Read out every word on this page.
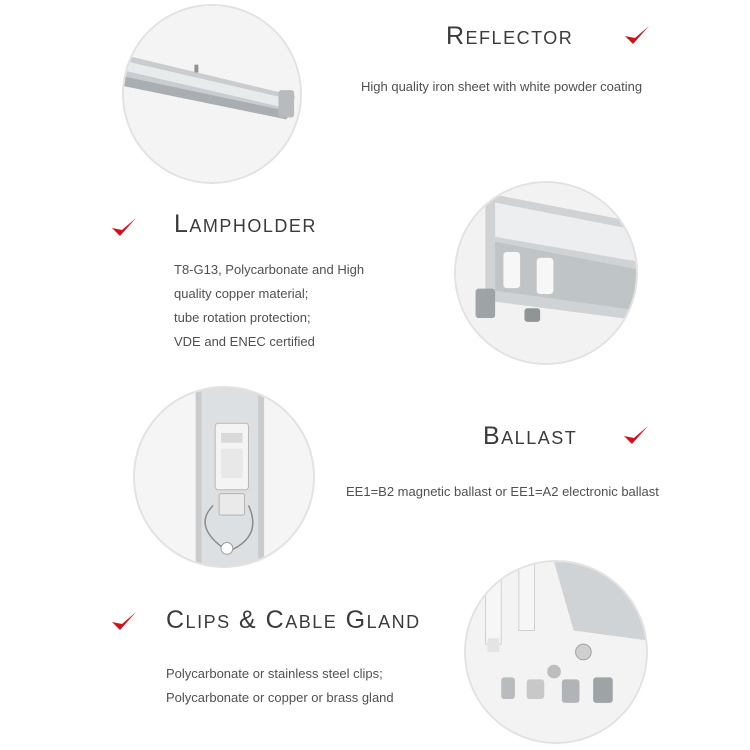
Reflector

High quality iron sheet with white powder coating

Lampholder

T8-G13, Polycarbonate and High

quality copper material;

tube rotation protection;

VDE and ENEC certified

Ballast

EE1=B2 magnetic ballast or EE1=A2 electronic ballast

Clips & Cable Gland

Polycarbonate or stainless steel clips;

Polycarbonate or copper or brass gland
